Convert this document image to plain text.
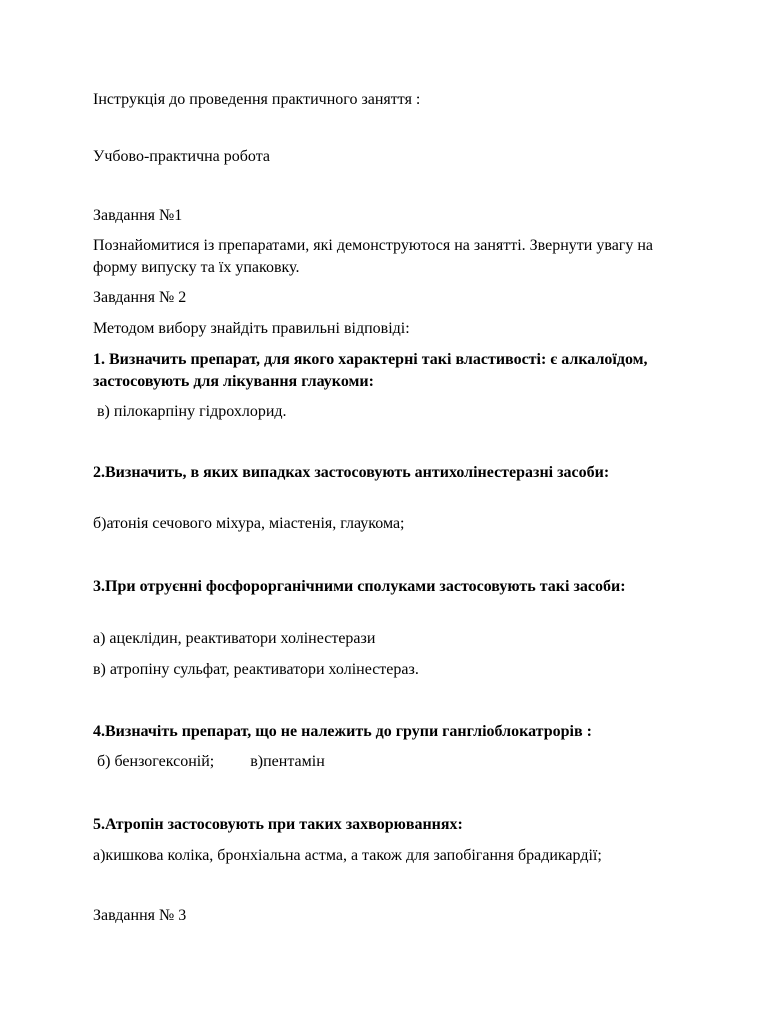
Інструкція до проведення практичного заняття :

Учбово-практична робота

Завдання №1

Познайомитися із препаратами, які демонструютося на занятті. Звернути увагу на форму випуску та їх упаковку.

Завдання № 2

Методом вибору знайдіть правильні відповіді:

1. Визначить препарат, для якого характерні такі властивості: є алкалоїдом, застосовують для лікування глаукоми:

в) пілокарпіну гідрохлорид.

2.Визначить, в яких випадках застосовують антихолінестеразні засоби:

б)атонія сечового міхура, міастенія, глаукома;

3.При отруєнні фосфорорганічними сполуками застосовують такі засоби:

а) ацеклідин, реактиватори холінестерази

в) атропіну сульфат, реактиватори холінестераз.

4.Визначіть препарат, що не належить до групи гангліоблокатрорів :

б) бензогексоній; в)пентамін

5.Атропін застосовують при таких захворюваннях:

а)кишкова коліка, бронхіальна астма, а також для запобігання брадикардії;

Завдання № 3
